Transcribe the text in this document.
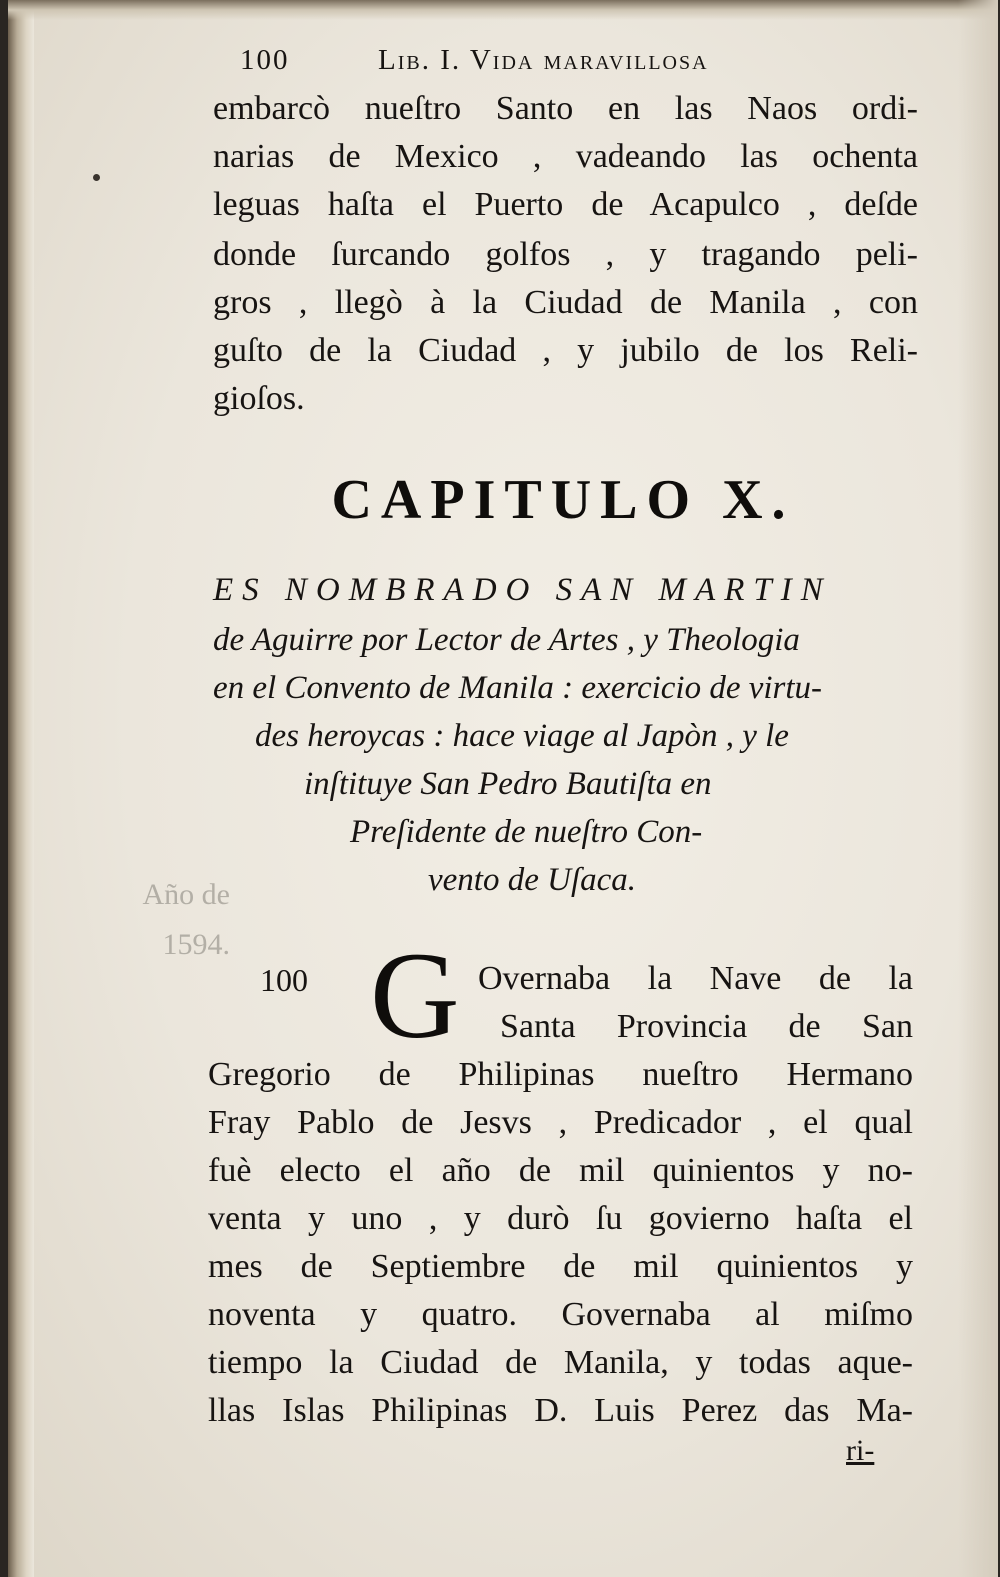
100	Lib. I. Vida maravillosa
embarcò nueſtro Santo en las Naos ordi-
narias de Mexico , vadeando las ochenta
leguas haſta el Puerto de Acapulco , deſde
donde ſurcando golfos , y tragando peli-
gros , llegò à la Ciudad de Manila , con
guſto de la Ciudad , y jubilo de los Reli-
gioſos.
CAPITULO X.
ES NOMBRADO SAN MARTIN
de Aguirre por Lector de Artes , y Theologia
en el Convento de Manila : exercicio de virtu-
des heroycas : hace viage al Japòn , y le
inſtituye San Pedro Bautiſta en
Preſidente de nueſtro Con-
vento de Uſaca.
Año de
1594.
100 G Overnaba la Nave de la
Santa Provincia de San
Gregorio de Philipinas nueſtro Hermano
Fray Pablo de Jesvs , Predicador , el qual
fuè electo el año de mil quinientos y no-
venta y uno , y durò ſu govierno haſta el
mes de Septiembre de mil quinientos y
noventa y quatro. Governaba al miſmo
tiempo la Ciudad de Manila, y todas aque-
llas Islas Philipinas D. Luis Perez das Ma-
ri-
